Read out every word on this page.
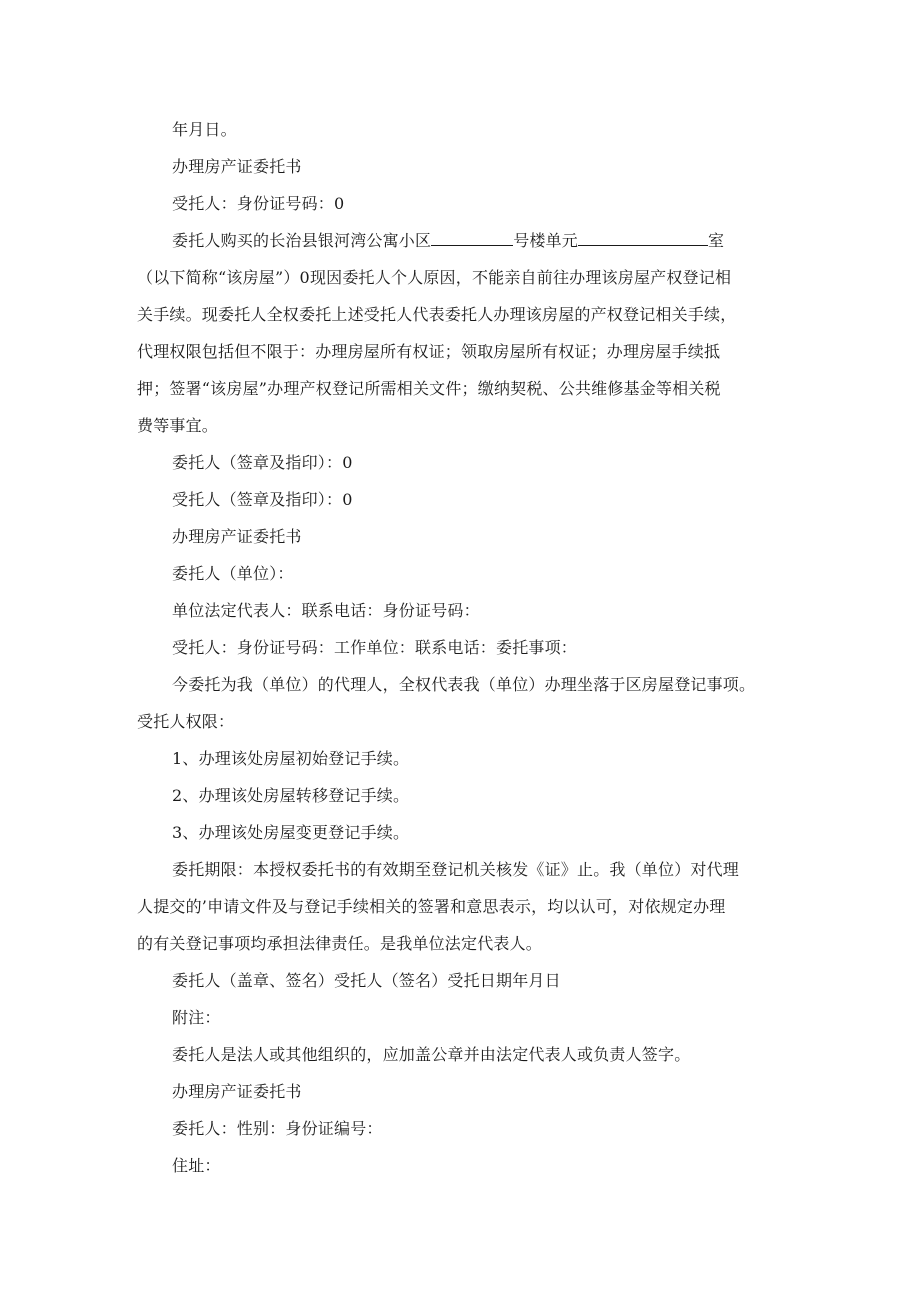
年月日。
办理房产证委托书
受托人：身份证号码：0
委托人购买的长治县银河湾公寓小区	号楼单元	室
（以下简称“该房屋”）0现因委托人个人原因，不能亲自前往办理该房屋产权登记相
关手续。现委托人全权委托上述受托人代表委托人办理该房屋的产权登记相关手续，
代理权限包括但不限于：办理房屋所有权证；领取房屋所有权证；办理房屋手续抵
押；签署“该房屋”办理产权登记所需相关文件；缴纳契税、公共维修基金等相关税
费等事宜。
委托人（签章及指印）：0
受托人（签章及指印）：0
办理房产证委托书
委托人（单位）：
单位法定代表人：联系电话：身份证号码：
受托人：身份证号码：工作单位：联系电话：委托事项：
今委托为我（单位）的代理人，全权代表我（单位）办理坐落于区房屋登记事项。
受托人权限：
1、办理该处房屋初始登记手续。
2、办理该处房屋转移登记手续。
3、办理该处房屋变更登记手续。
委托期限：本授权委托书的有效期至登记机关核发《证》止。我（单位）对代理
人提交的’申请文件及与登记手续相关的签署和意思表示，均以认可，对依规定办理
的有关登记事项均承担法律责任。是我单位法定代表人。
委托人（盖章、签名）受托人（签名）受托日期年月日
附注：
委托人是法人或其他组织的，应加盖公章并由法定代表人或负责人签字。
办理房产证委托书
委托人：性别：身份证编号：
住址：
